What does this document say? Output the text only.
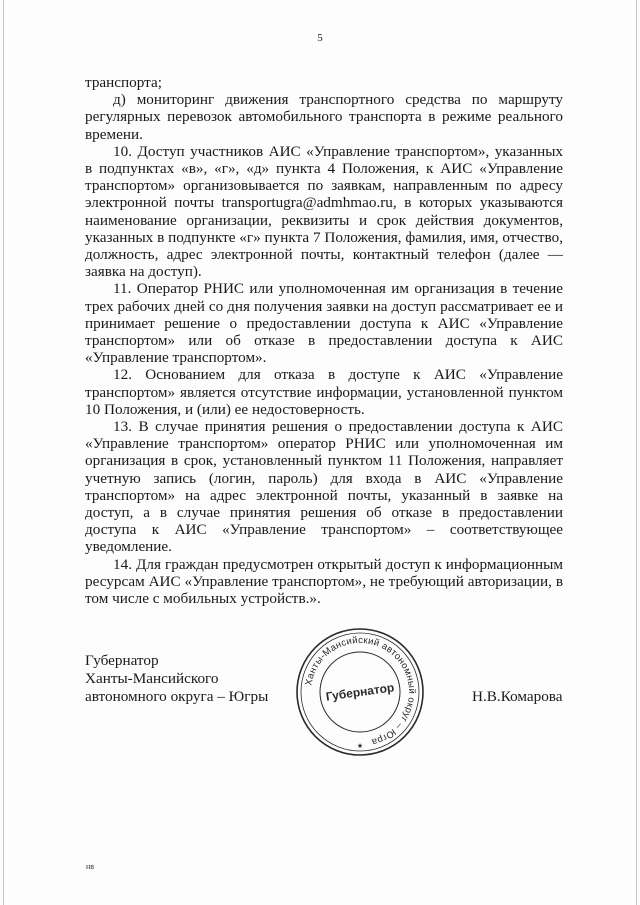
5

транспорта;

д) мониторинг движения транспортного средства по маршруту регулярных перевозок автомобильного транспорта в режиме реального времени.

10. Доступ участников АИС «Управление транспортом», указанных в подпунктах «в», «г», «д» пункта 4 Положения, к АИС «Управление транспортом» организовывается по заявкам, направленным по адресу электронной почты transportugra@admhmao.ru, в которых указываются наименование организации, реквизиты и срок действия документов, указанных в подпункте «г» пункта 7 Положения, фамилия, имя, отчество, должность, адрес электронной почты, контактный телефон (далее — заявка на доступ).

11. Оператор РНИС или уполномоченная им организация в течение трех рабочих дней со дня получения заявки на доступ рассматривает ее и принимает решение о предоставлении доступа к АИС «Управление транспортом» или об отказе в предоставлении доступа к АИС «Управление транспортом».

12. Основанием для отказа в доступе к АИС «Управление транспортом» является отсутствие информации, установленной пунктом 10 Положения, и (или) ее недостоверность.

13. В случае принятия решения о предоставлении доступа к АИС «Управление транспортом» оператор РНИС или уполномоченная им организация в срок, установленный пунктом 11 Положения, направляет учетную запись (логин, пароль) для входа в АИС «Управление транспортом» на адрес электронной почты, указанный в заявке на доступ, а в случае принятия решения об отказе в предоставлении доступа к АИС «Управление транспортом» – соответствующее уведомление.

14. Для граждан предусмотрен открытый доступ к информационным ресурсам АИС «Управление транспортом», не требующий авторизации, в том числе с мобильных устройств.».

Губернатор
Ханты-Мансийского
автономного округа – Югры
Ханты-Мансийский автономный округ – Югра
Губернатор
★
Н.В.Комарова
нв
